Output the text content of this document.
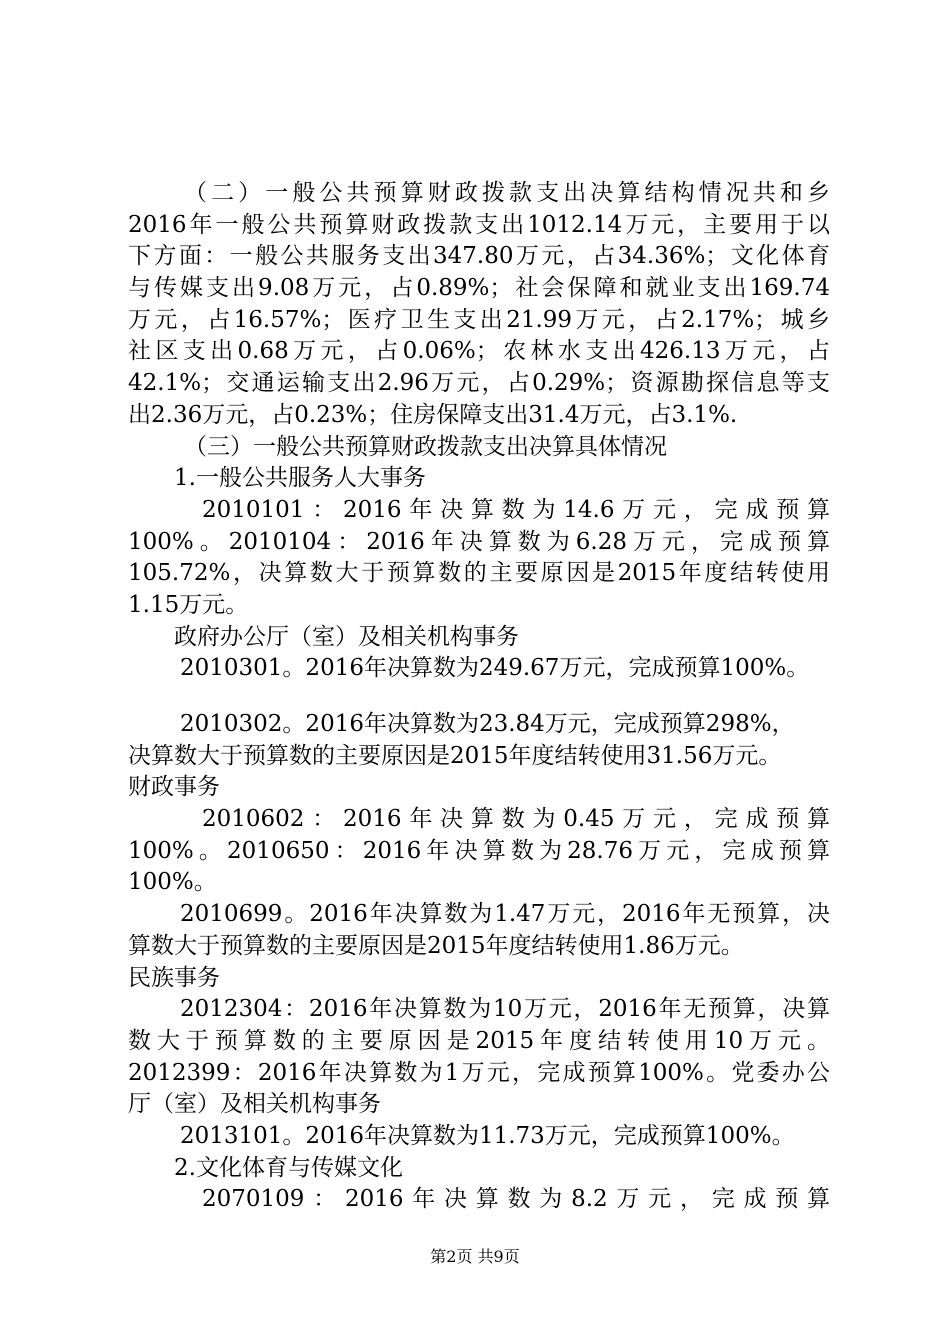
（二）一般公共预算财政拨款支出决算结构情况共和乡
2016年一般公共预算财政拨款支出1012.14万元，主要用于以
下方面：一般公共服务支出347.80万元，占34.36%；文化体育
与传媒支出9.08万元，占0.89%；社会保障和就业支出169.74
万元，占16.57%；医疗卫生支出21.99万元，占2.17%；城乡
社区支出0.68万元，占0.06%；农林水支出426.13万元，占
42.1%；交通运输支出2.96万元，占0.29%；资源勘探信息等支
出2.36万元，占0.23%；住房保障支出31.4万元，占3.1%.
（三）一般公共预算财政拨款支出决算具体情况
1.一般公共服务人大事务
2010101：2016年决算数为14.6万元，完成预算
100%。2010104：2016年决算数为6.28万元，完成预算
105.72%，决算数大于预算数的主要原因是2015年度结转使用
1.15万元。
政府办公厅（室）及相关机构事务
2010301。2016年决算数为249.67万元，完成预算100%。
2010302。2016年决算数为23.84万元，完成预算298%，
决算数大于预算数的主要原因是2015年度结转使用31.56万元。
财政事务
2010602：2016年决算数为0.45万元，完成预算
100%。2010650：2016年决算数为28.76万元，完成预算
100%。
2010699。2016年决算数为1.47万元，2016年无预算，决
算数大于预算数的主要原因是2015年度结转使用1.86万元。
民族事务
2012304：2016年决算数为10万元，2016年无预算，决算
数大于预算数的主要原因是2015年度结转使用10万元。
2012399：2016年决算数为1万元，完成预算100%。党委办公
厅（室）及相关机构事务
2013101。2016年决算数为11.73万元，完成预算100%。
2.文化体育与传媒文化
2070109：2016年决算数为8.2万元，完成预算
第2页 共9页
